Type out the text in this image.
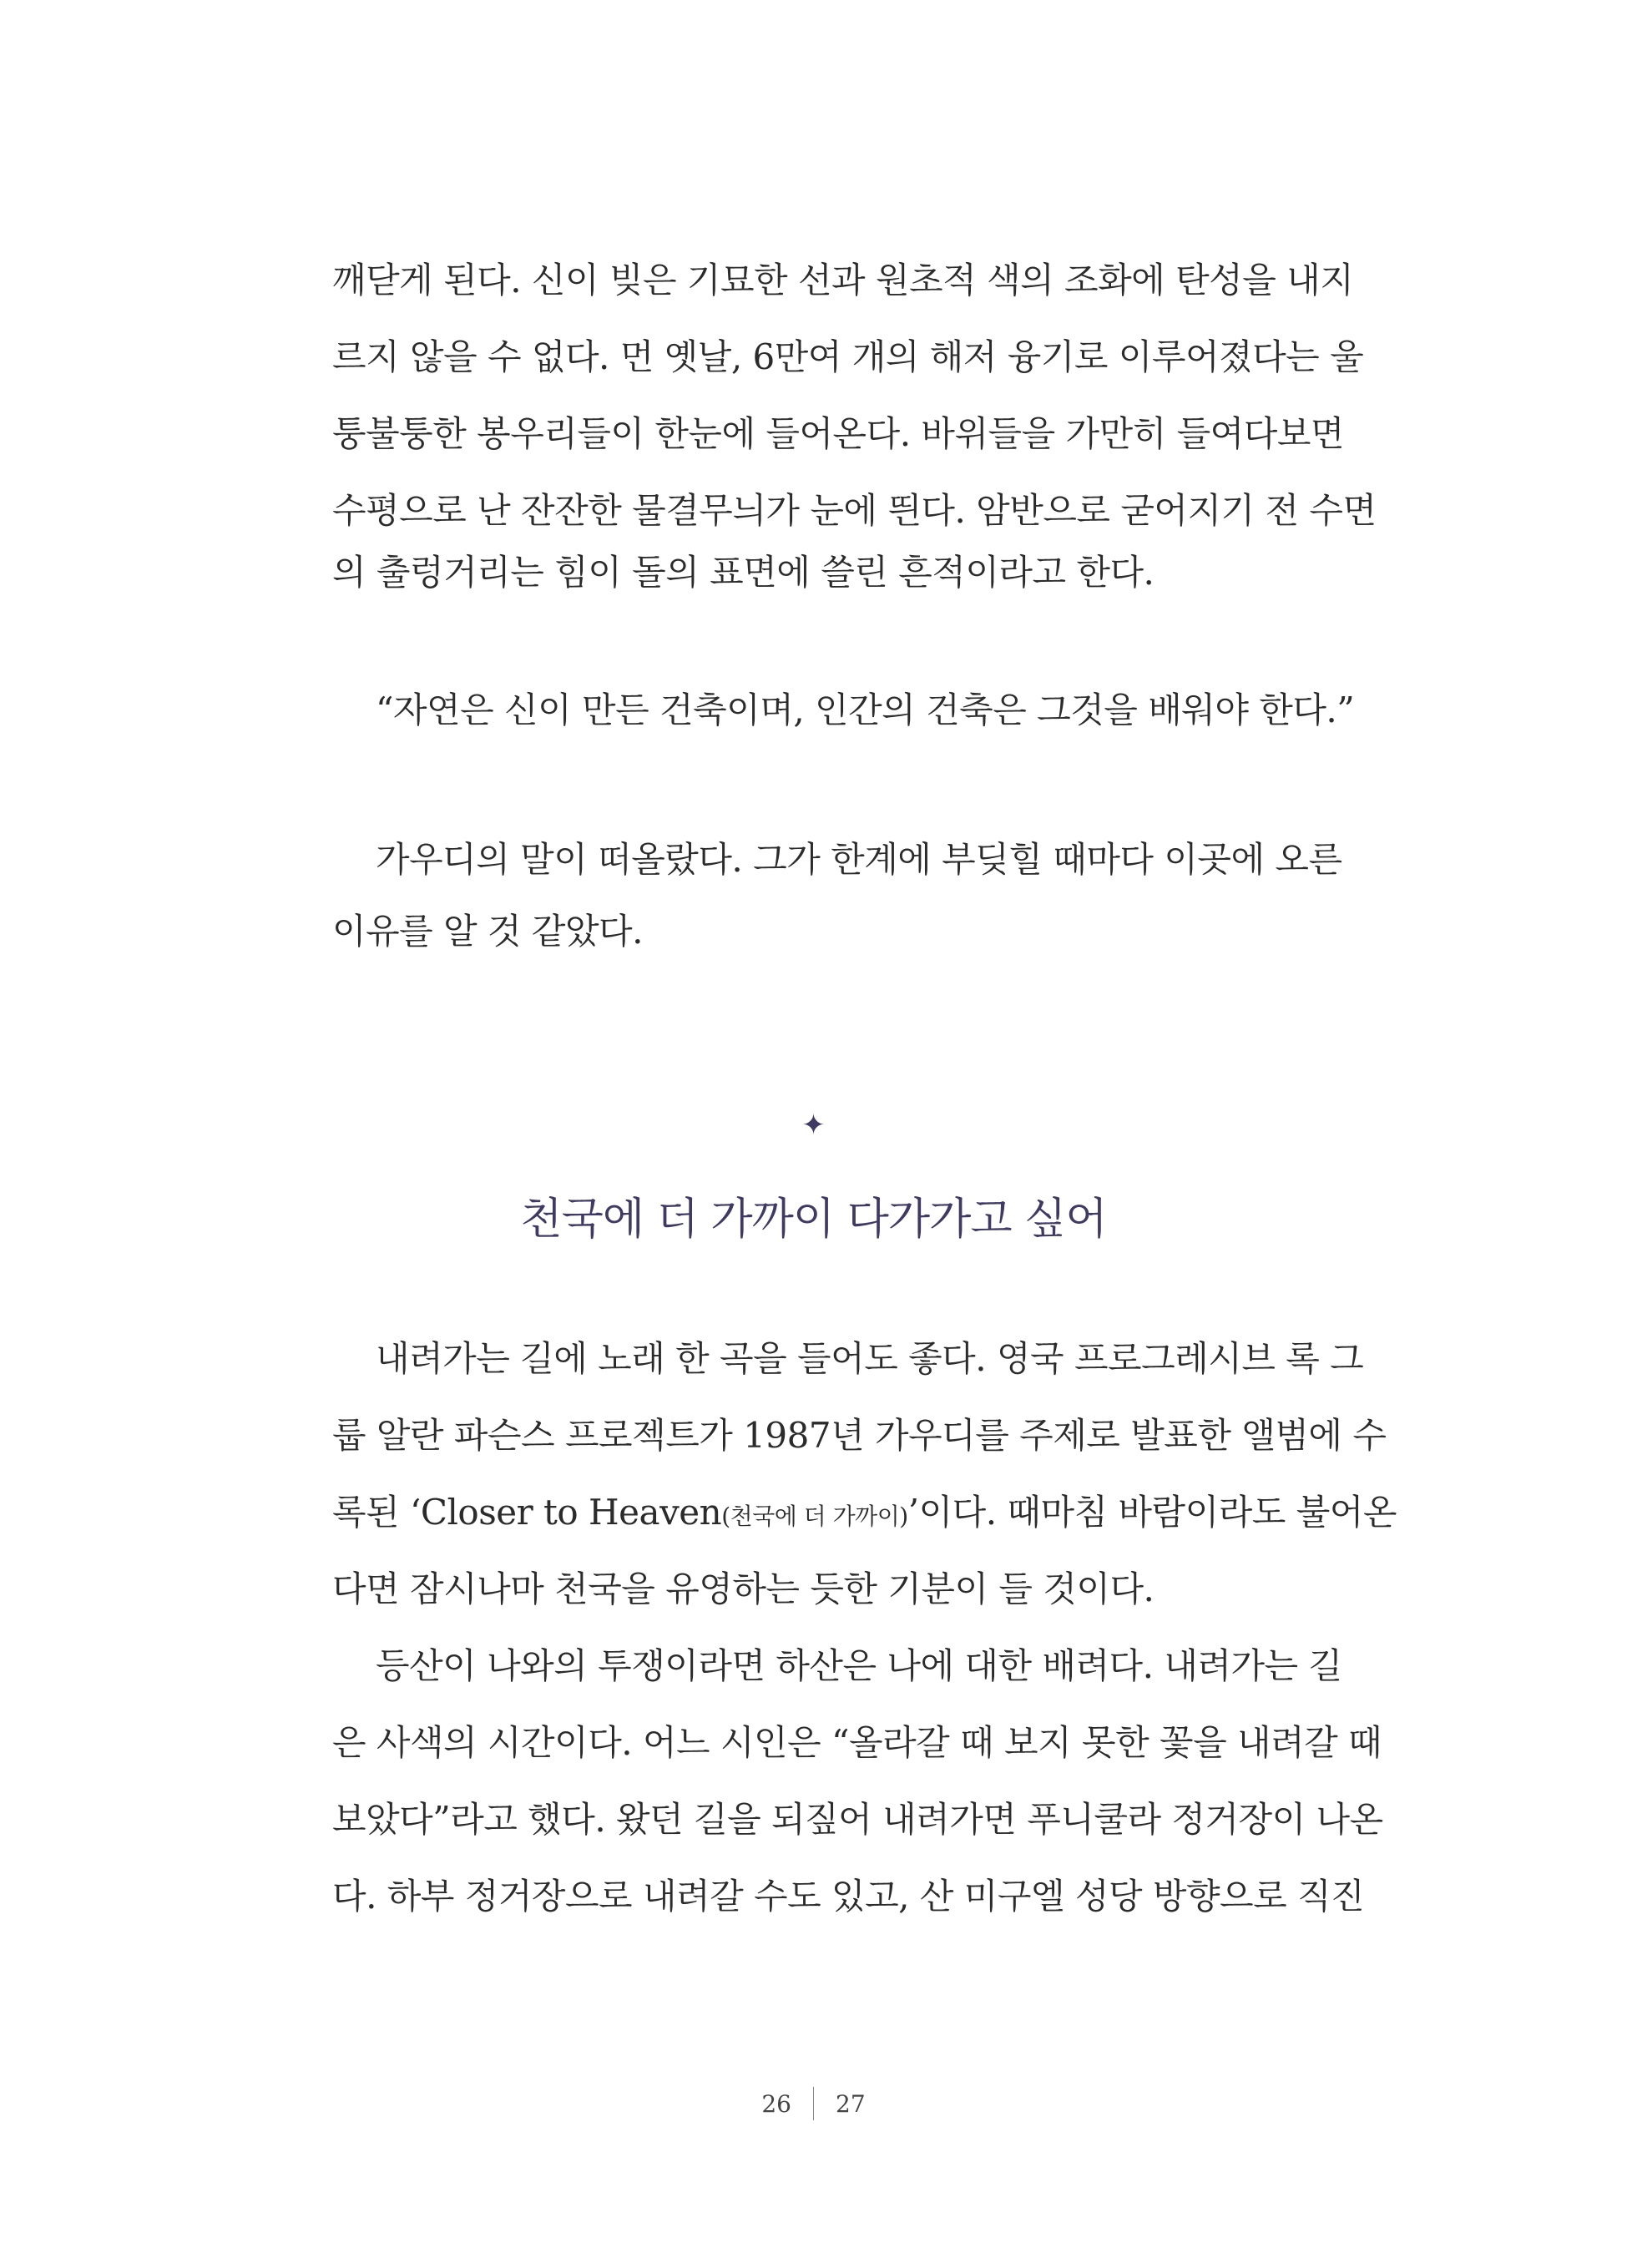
깨닫게 된다. 신이 빚은 기묘한 선과 원초적 색의 조화에 탄성을 내지
르지 않을 수 없다. 먼 옛날, 6만여 개의 해저 융기로 이루어졌다는 울
퉁불퉁한 봉우리들이 한눈에 들어온다. 바위들을 가만히 들여다보면
수평으로 난 잔잔한 물결무늬가 눈에 띈다. 암반으로 굳어지기 전 수면
의 출렁거리는 힘이 돌의 표면에 쓸린 흔적이라고 한다.
“자연은 신이 만든 건축이며, 인간의 건축은 그것을 배워야 한다.”
가우디의 말이 떠올랐다. 그가 한계에 부딪힐 때마다 이곳에 오른
이유를 알 것 같았다.
✦
천국에 더 가까이 다가가고 싶어
내려가는 길에 노래 한 곡을 들어도 좋다. 영국 프로그레시브 록 그
룹 알란 파슨스 프로젝트가 1987년 가우디를 주제로 발표한 앨범에 수
록된 ‘Closer to Heaven(천국에 더 가까이)’이다. 때마침 바람이라도 불어온
다면 잠시나마 천국을 유영하는 듯한 기분이 들 것이다.
등산이 나와의 투쟁이라면 하산은 나에 대한 배려다. 내려가는 길
은 사색의 시간이다. 어느 시인은 “올라갈 때 보지 못한 꽃을 내려갈 때
보았다”라고 했다. 왔던 길을 되짚어 내려가면 푸니쿨라 정거장이 나온
다. 하부 정거장으로 내려갈 수도 있고, 산 미구엘 성당 방향으로 직진
26 27
